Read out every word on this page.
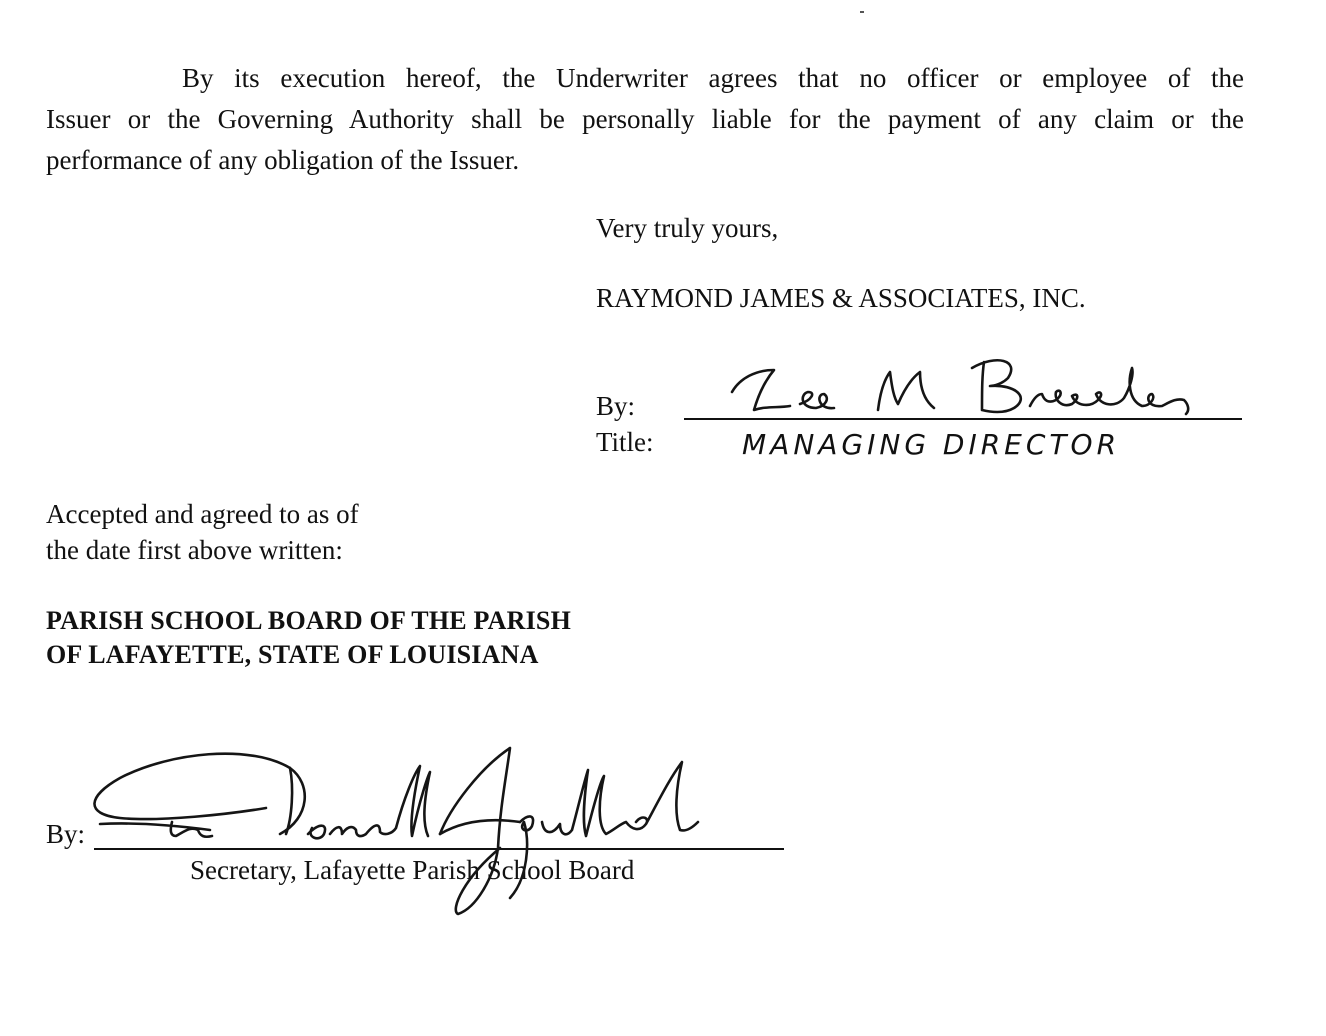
By its execution hereof, the Underwriter agrees that no officer or employee of the
Issuer or the Governing Authority shall be personally liable for the payment of any claim or the
performance of any obligation of the Issuer.
Very truly yours,
RAYMOND JAMES & ASSOCIATES, INC.
By:
Title:	MANAGING DIRECTOR
Accepted and agreed to as of
the date first above written:
PARISH SCHOOL BOARD OF THE PARISH
OF LAFAYETTE, STATE OF LOUISIANA
By:
Secretary, Lafayette Parish School Board
